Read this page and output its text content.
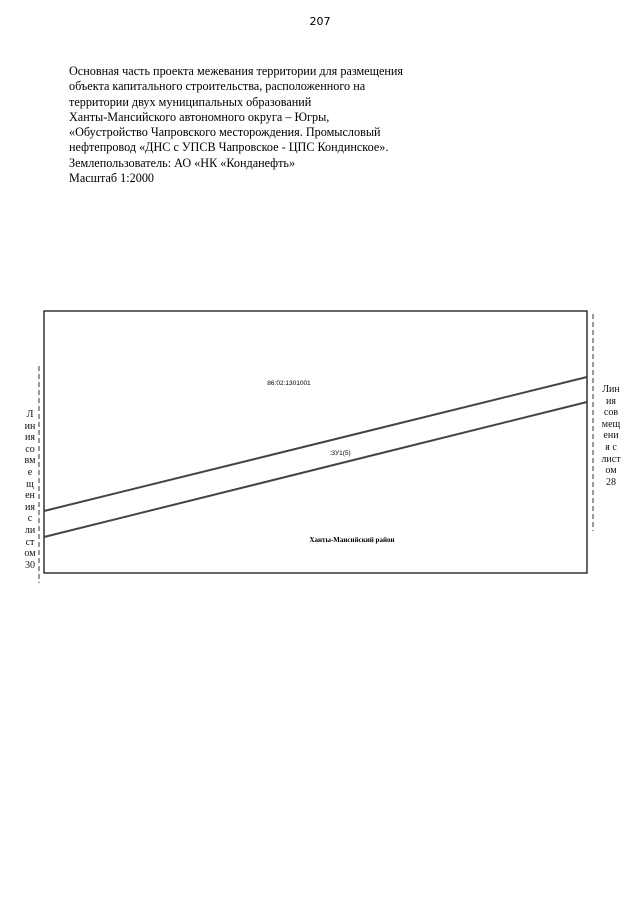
207
Основная часть проекта межевания территории для размещения
объекта капитального строительства, расположенного на
территории двух муниципальных образований
Ханты-Мансийского автономного округа – Югры,
«Обустройство Чапровского месторождения. Промысловый
нефтепровод «ДНС с УПСВ Чапровское - ЦПС Кондинское».
Землепользователь: АО «НК «Конданефть»
Масштаб 1:2000
86:02:1301001
:ЗУ1(5)
Ханты-Мансийский район
Л
ин
ия
со
вм
е
щ
ен
ия
с
ли
ст
ом
30
Лин
ия
сов
мещ
ени
я с
лист
ом
28
